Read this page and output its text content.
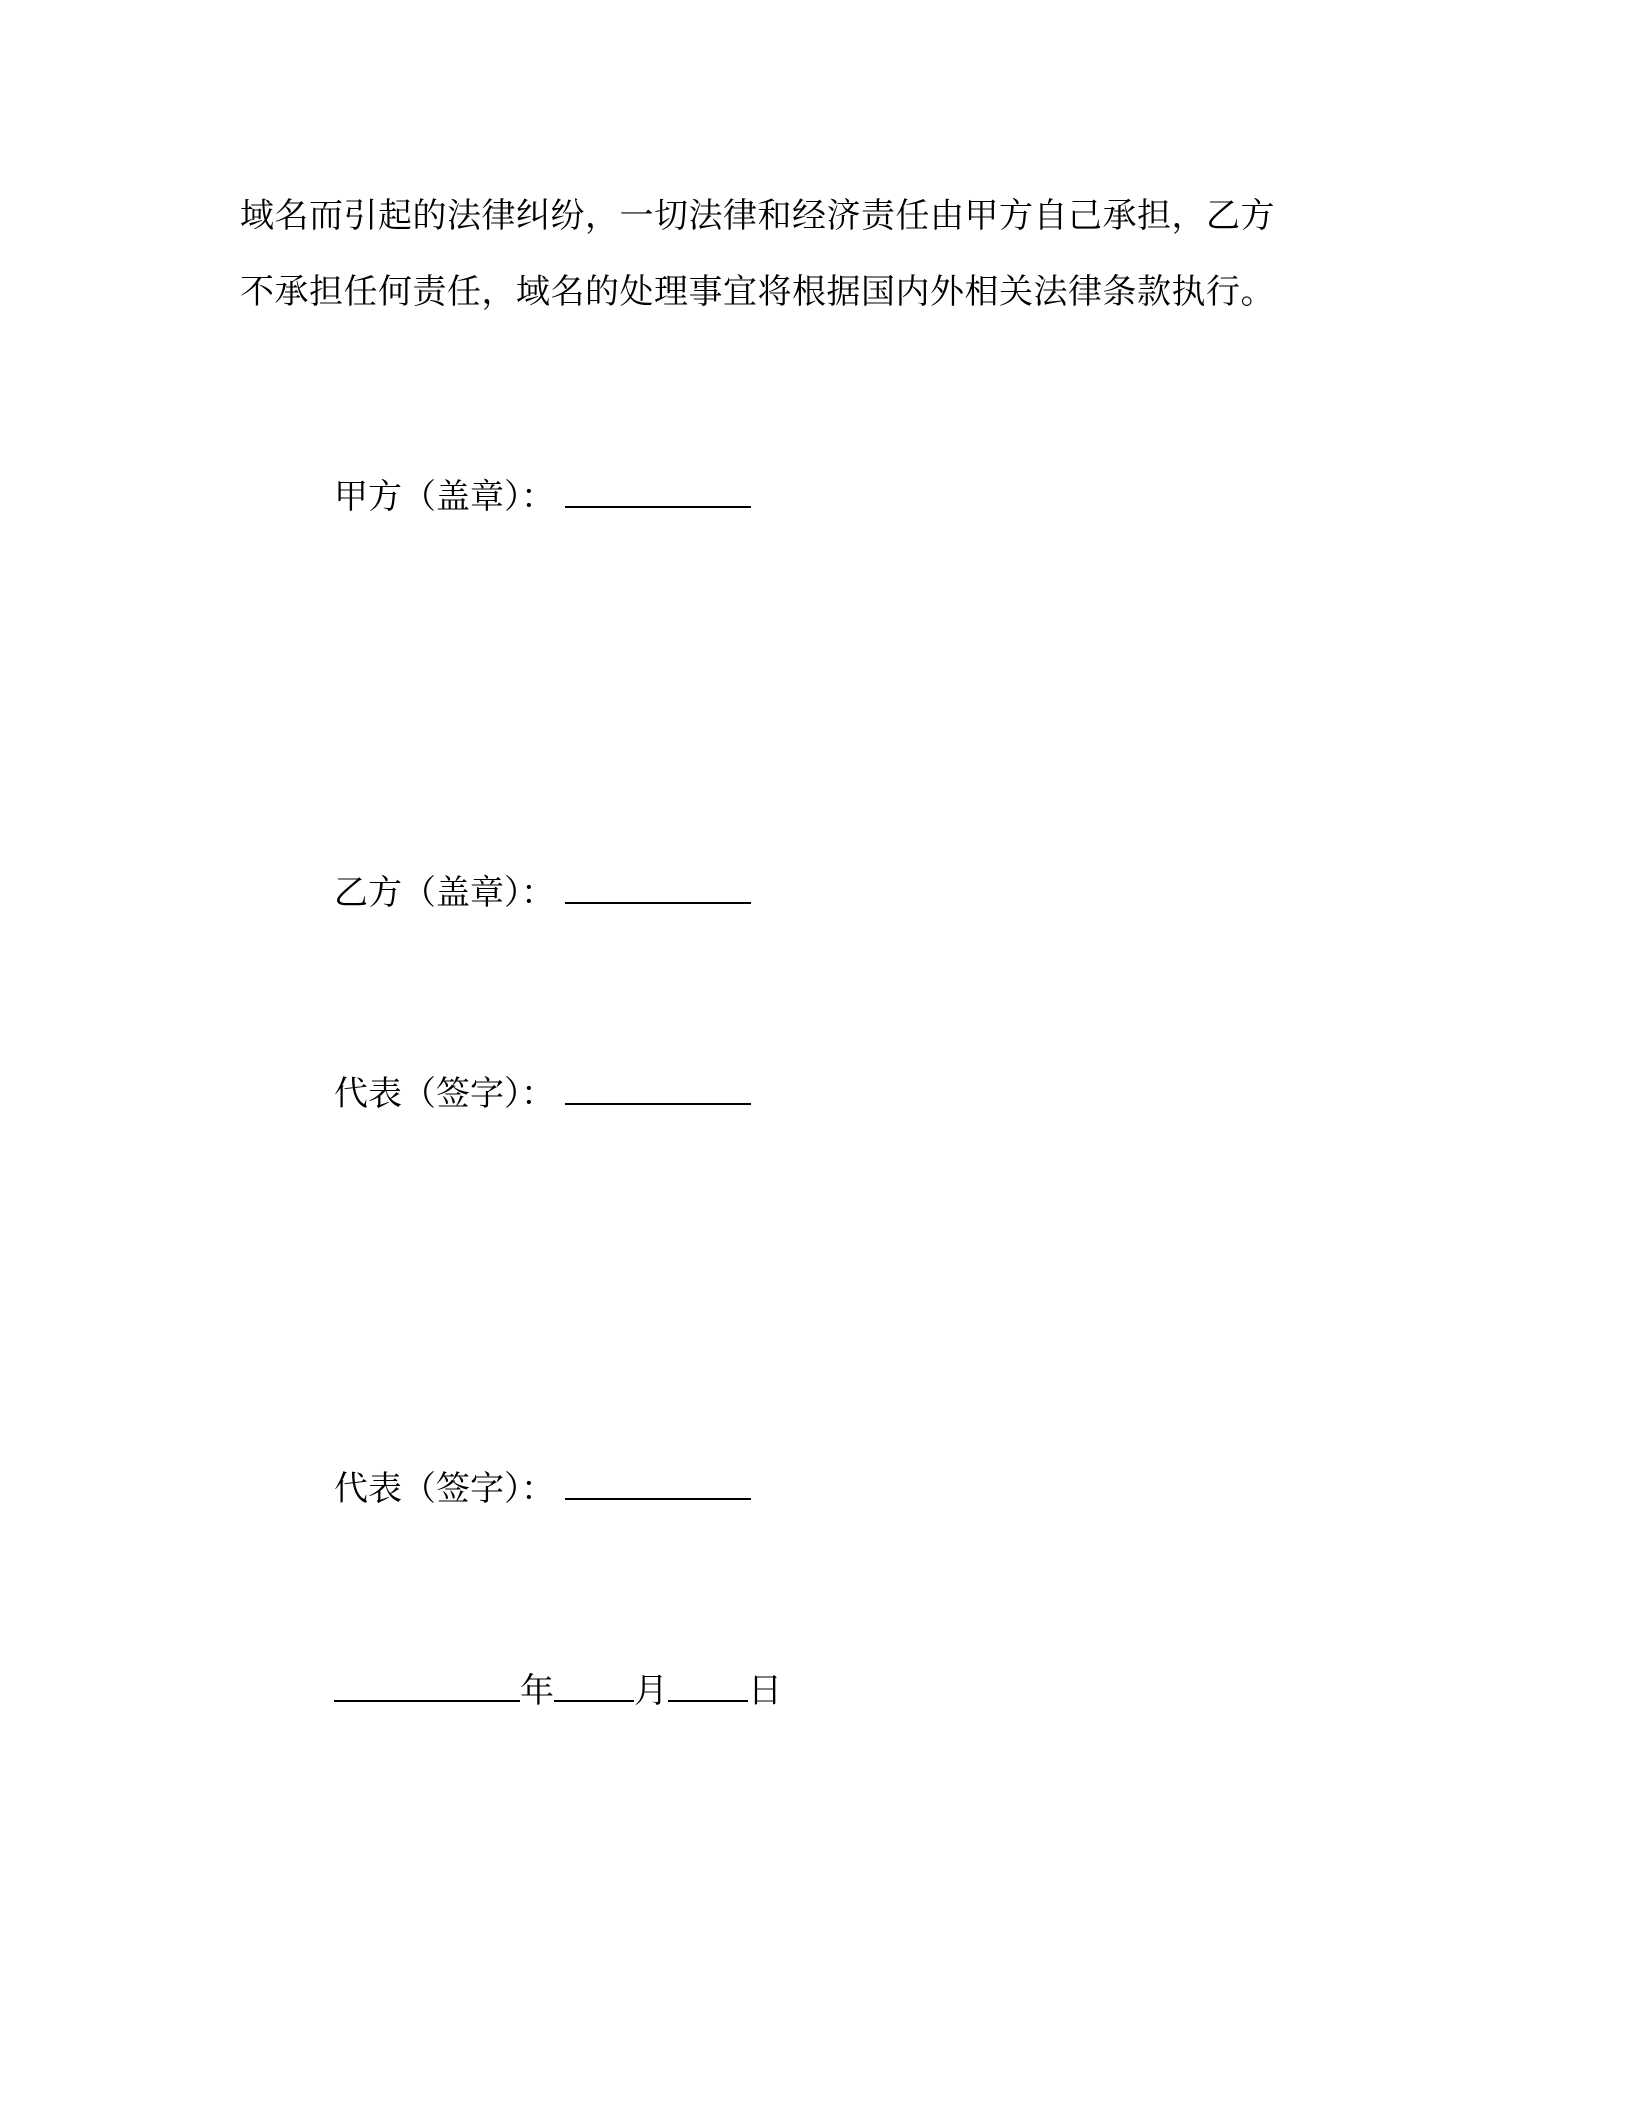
域名而引起的法律纠纷，一切法律和经济责任由甲方自己承担，乙方
不承担任何责任，域名的处理事宜将根据国内外相关法律条款执行。
甲方（盖章）：
乙方（盖章）：
代表（签字）：
代表（签字）：
年 月 日
